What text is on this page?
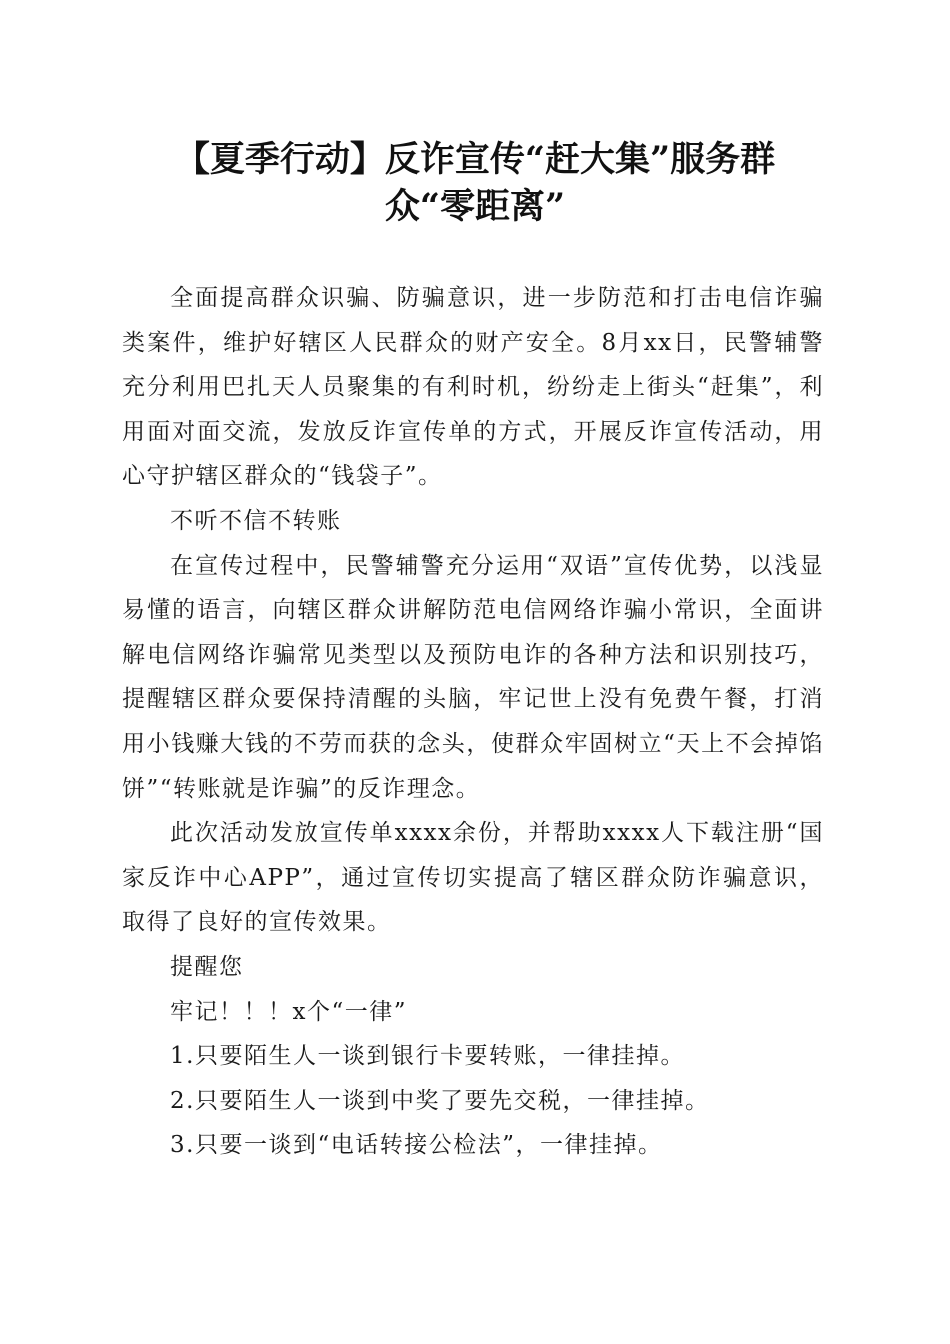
【夏季行动】反诈宣传“赶大集”服务群
众“零距离”

全面提高群众识骗、防骗意识，进一步防范和打击电信诈骗类案件，维护好辖区人民群众的财产安全。8月xx日，民警辅警充分利用巴扎天人员聚集的有利时机，纷纷走上街头“赶集”，利用面对面交流，发放反诈宣传单的方式，开展反诈宣传活动，用心守护辖区群众的“钱袋子”。

不听不信不转账

在宣传过程中，民警辅警充分运用“双语”宣传优势，以浅显易懂的语言，向辖区群众讲解防范电信网络诈骗小常识，全面讲解电信网络诈骗常见类型以及预防电诈的各种方法和识别技巧，提醒辖区群众要保持清醒的头脑，牢记世上没有免费午餐，打消用小钱赚大钱的不劳而获的念头，使群众牢固树立“天上不会掉馅饼”“转账就是诈骗”的反诈理念。

此次活动发放宣传单xxxx余份，并帮助xxxx人下载注册“国家反诈中心APP”，通过宣传切实提高了辖区群众防诈骗意识，取得了良好的宣传效果。

提醒您

牢记！！！x个“一律”

1.只要陌生人一谈到银行卡要转账，一律挂掉。

2.只要陌生人一谈到中奖了要先交税，一律挂掉。

3.只要一谈到“电话转接公检法”，一律挂掉。
